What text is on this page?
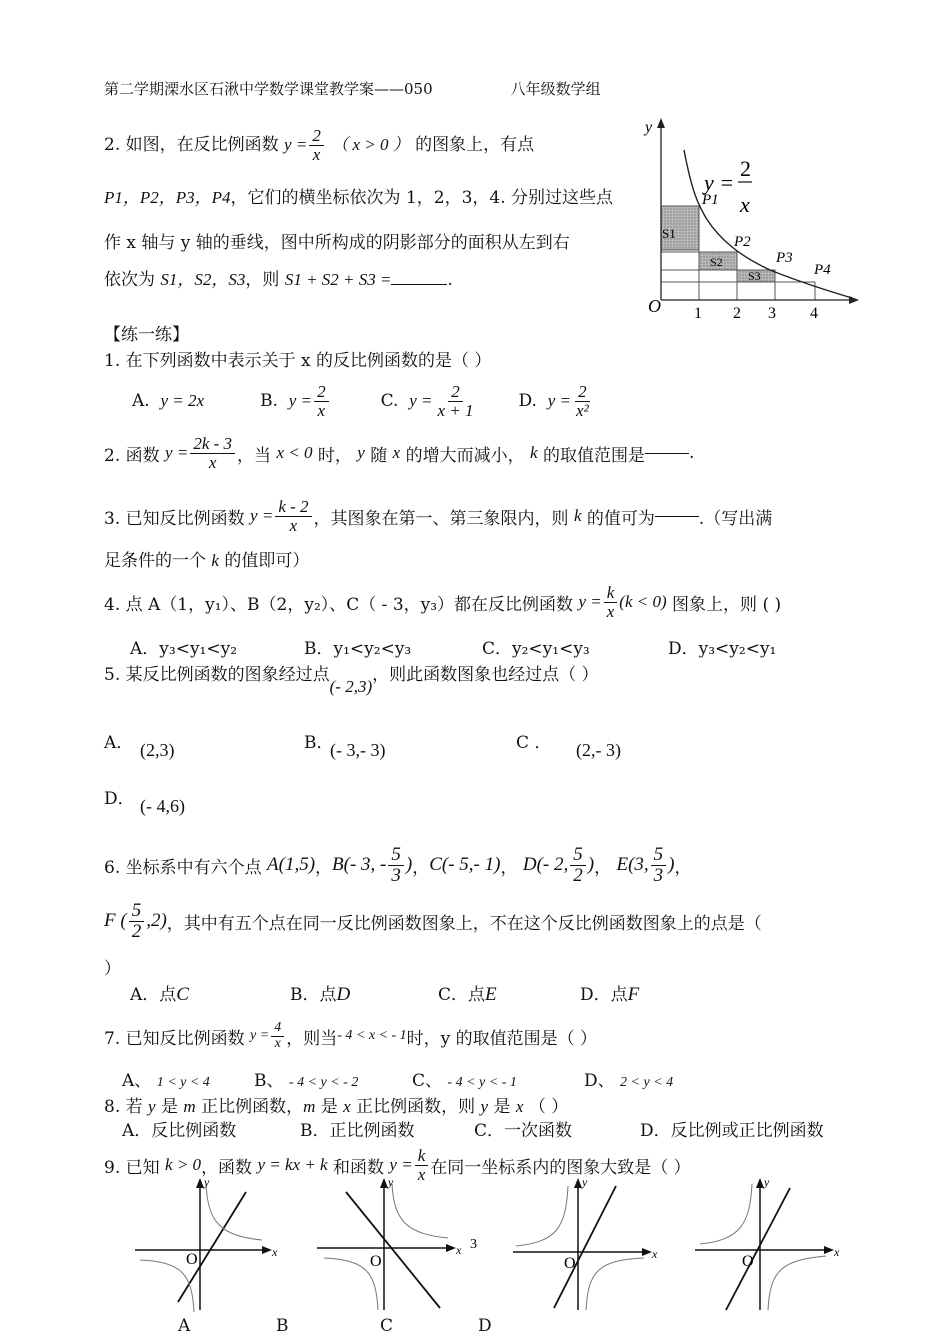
第二学期溧水区石湫中学数学课堂教学案——050	八年级数学组
2. 如图，在反比例函数 $y = \frac{2}{x}$ （ x > 0 ） 的图象上，有点
P1，P2，P3，P4，它们的横坐标依次为 1，2，3，4. 分别过这些点
作 x 轴与 y 轴的垂线，图中所构成的阴影部分的面积从左到右
依次为 S1，S2，S3，则 S1 + S2 + S3 =	.
y
O
y =
2
x
S1
S2
S3
P1
P2
P3
P4
1 2 3 4
【练一练】
1. 在下列函数中表示关于 x 的反比例函数的是（ ）
A.
y = 2x	B.
$y = \frac{2}{x}$	C.
$y = \frac{2}{x + 1} D$.
$y = \frac{2}{\text{x²}}$
2. 函数
$y = \frac{2k - 3}{x}$ ，当
x < 0
时，
y
随
x
的增大而减小，
k
的取值范围是	.
3. 已知反比例函数
$y = \frac{k - 2}{x}$ ，其图象在第一、第三象限内，则
k
的值可为	.（写出满
足条件的一个 k 的值即可）
4. 点 A（1，y₁）、B（2，y₂）、C（ - 3，y₃）都在反比例函数
$y = \frac{k}{x} (k < 0)$
图象上，则 ( )
A．y₃<y₁<y₂	B．y₁<y₂<y₃	C．y₂<y₁<y₃	D．y₃<y₂<y₁
5. 某反比例函数的图象经过点(- 2,3)，则此函数图象也经过点（ ）
A． (2,3)	B．
(- 3,- 3)	C ． (2,- 3)
D． (- 4,6)
6. 坐标系中有六个点
A(1,5) ， B(- 3, - $\frac{5}{3}$ ) ， C(- 5,- 1) ， D(- 2, $\frac{5}{2}$ ) ， E(3, $\frac{5}{3}$ ) ，
F ( $\frac{5}{2} ,2$) ，其中有五个点在同一反比例函数图象上，不在这个反比例函数图象上的点是（
）
A．点C	B．点D	C．点E	D．点F
7. 已知反比例函数
$y = \frac{4}{x}$ ，则当 - 4 < x < - 1 时，y 的取值范围是（ ）
A、 1 < y < 4	B、 - 4 < y < - 2	C、 - 4 < y < - 1	D、 2 < y < 4
8. 若 y 是 m 正比例函数，m 是 x 正比例函数，则 y 是 x （ ）
A．反比例函数	B．正比例函数	C．一次函数	D．反比例或正比例函数
9. 已知
k > 0 ，函数
y = kx + k
和函数
$y = \frac{k}{x}$ 在同一坐标系内的图象大致是（ ）
y
x
O
y
x
O
3
y
x
O
y
x
O
A	B	C	D
